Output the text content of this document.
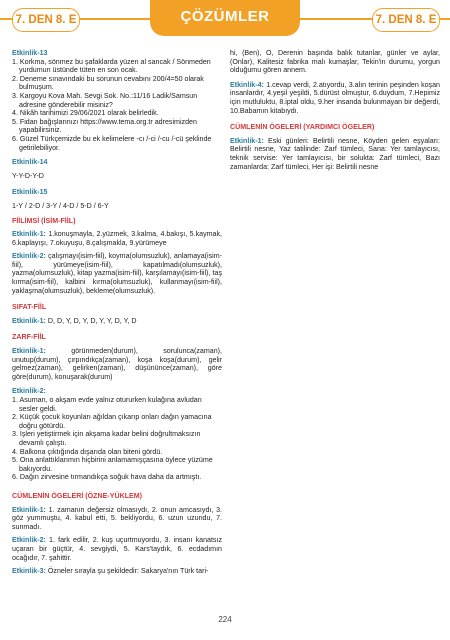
7. DEN 8. E	ÇÖZÜMLER	7. DEN 8. E
Etkinlik-13
1. Korkma, sönmez bu şafaklarda yüzen al sancak / Sönmeden yurdumun üstünde tüten en son ocak.
2. Deneme sınavındaki bu sorunun cevabını 200/4=50 olarak bulmuşum.
3. Kargoyu Kova Mah. Sevgi Sok. No.:11/16 Ladik/Samsun adresine gönderebilir misiniz?
4. Nikâh tarihimizi 29/06/2021 olarak belirledik.
5. Fidan bağışlarınızı https://www.tema.org.tr adresimizden yapabilirsiniz.
6. Güzel Türkçemizde bu ek kelimelere -cı /-ci /-cu /-cü şeklinde getirilebiliyor.
Etkinlik-14
Y-Y-D-Y-D
Etkinlik-15
1-Y / 2-D / 3-Y / 4-D / 5-D / 6-Y
FİİLİMSİ (İSİM-FİİL)
Etkinlik-1: 1.konuşmayla, 2.yüzmek, 3.kalma, 4.bakışı, 5.kaymak, 6.kaplayışı, 7.okuyuşu, 8.çalışmakla, 9.yürümeye
Etkinlik-2: çalışmayı(isim-fiil), koyma(olumsuzluk), anlamaya(isim-fiil), yürümeye(isim-fiil), kapatılmadı(olumsuzluk), yazma(olumsuzluk), kitap yazma(isim-fiil), karşılamayı(isim-fiil), taş kırma(isim-fiil), kalbini kırma(olumsuzluk), kullanmayı(isim-fiil), yaklaşma(olumsuzluk), bekleme(olumsuzluk).
SIFAT-FİİL
Etkinlik-1: D, D, Y, D, Y, D, Y, Y, D, Y, D
ZARF-FİİL
Etkinlik-1: görünmeden(durum), sorulunca(zaman), unutup(durum), çırpındıkça(zaman), koşa koşa(durum), gelir gelmez(zaman), gelirken(zaman), düşününce(zaman), göre göre(durum), konuşarak(durum)
Etkinlik-2:
1. Asuman, o akşam evde yalnız otururken kulağına avludan sesler geldi.
2. Küçük çocuk koyunları ağıldan çıkarıp onları dağın yamacına doğru götürdü.
3. İşleri yetiştirmek için akşama kadar belini doğrultmaksızın devamlı çalıştı.
4. Balkona çıktığında dışarıda olan biteni gördü.
5. Ona anlattıklarımın hiçbirini anlamamışçasına öylece yüzüme bakıyordu.
6. Dağın zirvesine tırmandıkça soğuk hava daha da artmıştı.
CÜMLENİN ÖGELERİ (ÖZNE-YÜKLEM)
Etkinlik-1: 1. zamanın değersiz olmasıydı, 2. onun amcasıydı, 3. göz yummuştu, 4. kabul etti, 5. bekliyordu, 6. uzun uzundu, 7. sunmadı.
Etkinlik-2: 1. fark edilir, 2. kuş uçurtmuyordu, 3. insanı kanatsız uçaran bir güçtür, 4. sevgiydi, 5. Kars'taydık, 6. ecdadımın ocağıdır, 7. şahittir.
Etkinlik-3: Özneler sırayla şu şekildedir: Sakarya'nın Türk tari-
hi, (Ben), O, Derenin başında balık tutanlar, günler ve aylar, (Onlar), Kalitesiz fabrika malı kumaşlar, Tekin'in durumu, yorgun olduğumu gören annem.
Etkinlik-4: 1.cevap verdi, 2.atıyordu, 3.alın terinin peşinden koşan insanlardır, 4.yeşil yeşildi, 5.dürüst olmuştur, 6.duydum, 7.Hepimiz için mutluluktu, 8.iptal oldu, 9.her insanda bulunmayan bir değerdi, 10.Babamın kitabıydı.
CÜMLENİN ÖGELERİ (YARDIMCI ÖGELER)
Etkinlik-1: Eski günleri: Belirtili nesne, Köyden gelen eşyaları: Belirtili nesne, Yaz tatilinde: Zarf tümleci, Sana: Yer tamlayıcısı, teknik servise: Yer tamlayıcısı, bir solukta: Zarf tümleci, Bazı zamanlarda: Zarf tümleci, Her işi: Belirtili nesne
224
